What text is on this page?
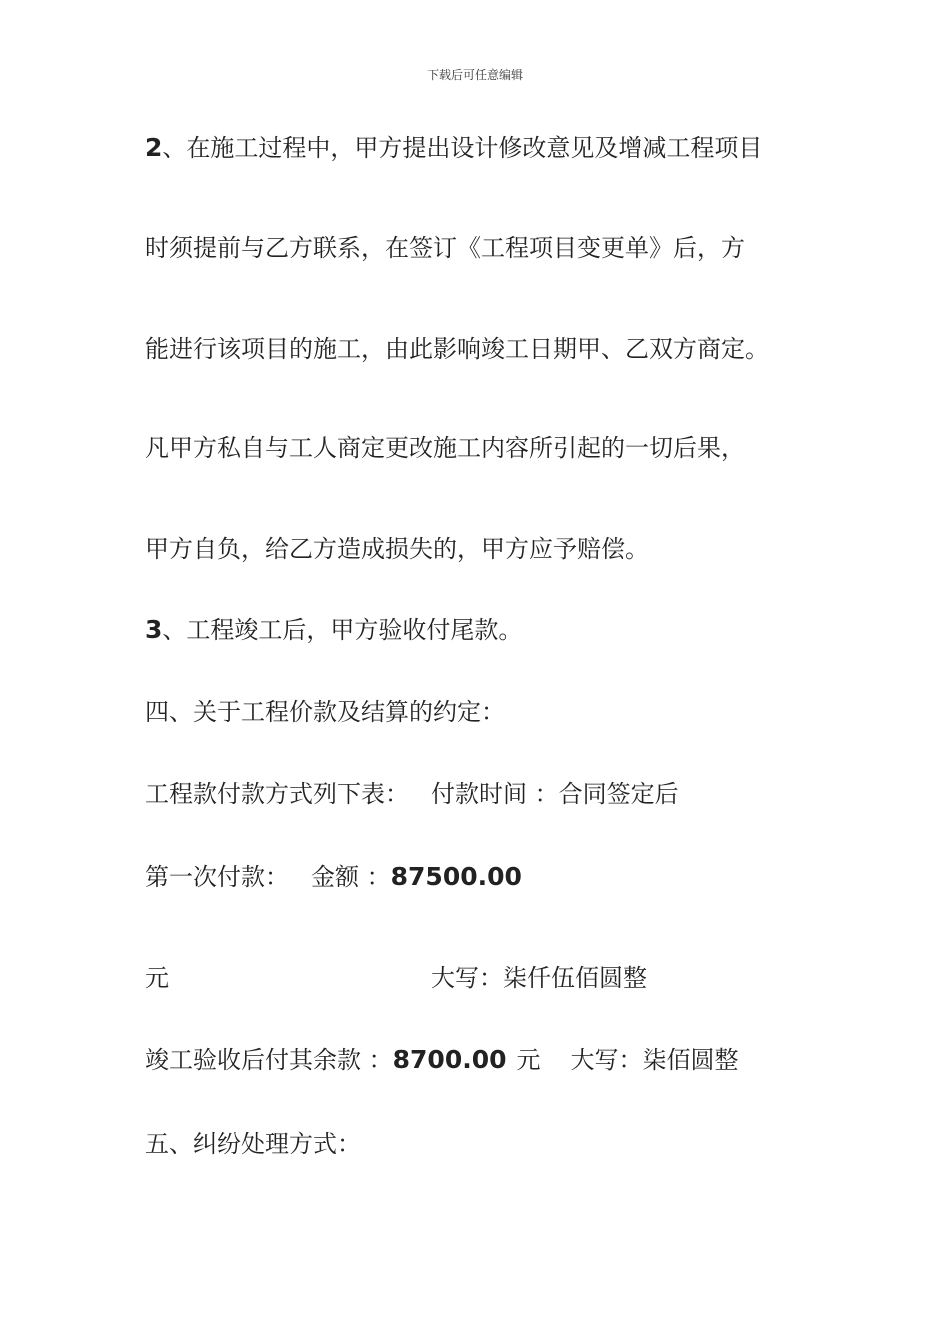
下载后可任意编辑
2、在施工过程中，甲方提出设计修改意见及增减工程项目
时须提前与乙方联系，在签订《工程项目变更单》后，方
能进行该项目的施工，由此影响竣工日期甲、乙双方商定。
凡甲方私自与工人商定更改施工内容所引起的一切后果，
甲方自负，给乙方造成损失的，甲方应予赔偿。
3、工程竣工后，甲方验收付尾款。
四、关于工程价款及结算的约定：
工程款付款方式列下表： 付款时间 ：合同签定后
第一次付款： 金额 ：87500.00
元	大写：柒仟伍佰圆整
竣工验收后付其余款 ：8700.00 元 大写：柒佰圆整
五、纠纷处理方式：
